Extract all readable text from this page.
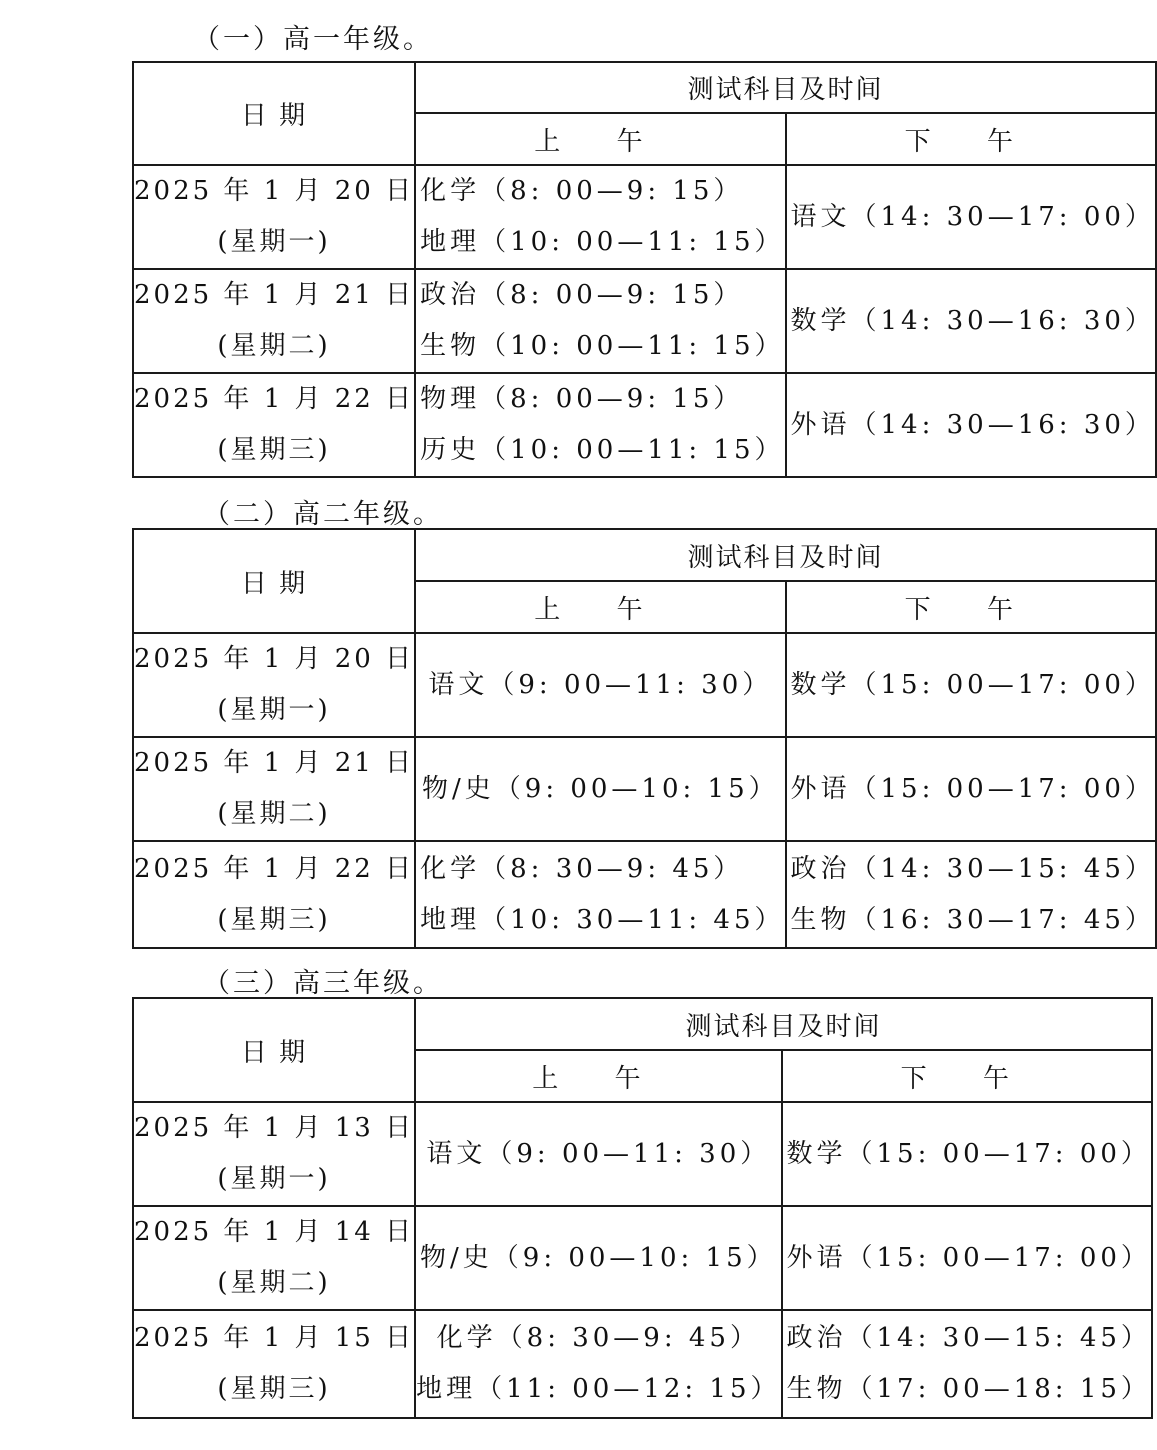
（一）高一年级。
日 期	测试科目及时间	
	上 午	下 午

2025 年 1 月 20 日
(星期一)	化学（8: 00—9: 15）
地理（10: 00—11: 15）	语文（14: 30—17: 00）

2025 年 1 月 21 日
(星期二)	政治（8: 00—9: 15）
生物（10: 00—11: 15）	数学（14: 30—16: 30）

2025 年 1 月 22 日
(星期三)	物理（8: 00—9: 15）
历史（10: 00—11: 15）	外语（14: 30—16: 30）
（二）高二年级。
日 期	测试科目及时间	
	上 午	下 午

2025 年 1 月 20 日
(星期一)	语文（9: 00—11: 30）	数学（15: 00—17: 00）

2025 年 1 月 21 日
(星期二)	物/史（9: 00—10: 15）	外语（15: 00—17: 00）

2025 年 1 月 22 日
(星期三)	化学（8: 30—9: 45）
地理（10: 30—11: 45）	政治（14: 30—15: 45）
生物（16: 30—17: 45）
（三）高三年级。
日 期	测试科目及时间	
	上 午	下 午

2025 年 1 月 13 日
(星期一)	语文（9: 00—11: 30）	数学（15: 00—17: 00）

2025 年 1 月 14 日
(星期二)	物/史（9: 00—10: 15）	外语（15: 00—17: 00）

2025 年 1 月 15 日
(星期三)	化学（8: 30—9: 45）
地理（11: 00—12: 15）	政治（14: 30—15: 45）
生物（17: 00—18: 15）
